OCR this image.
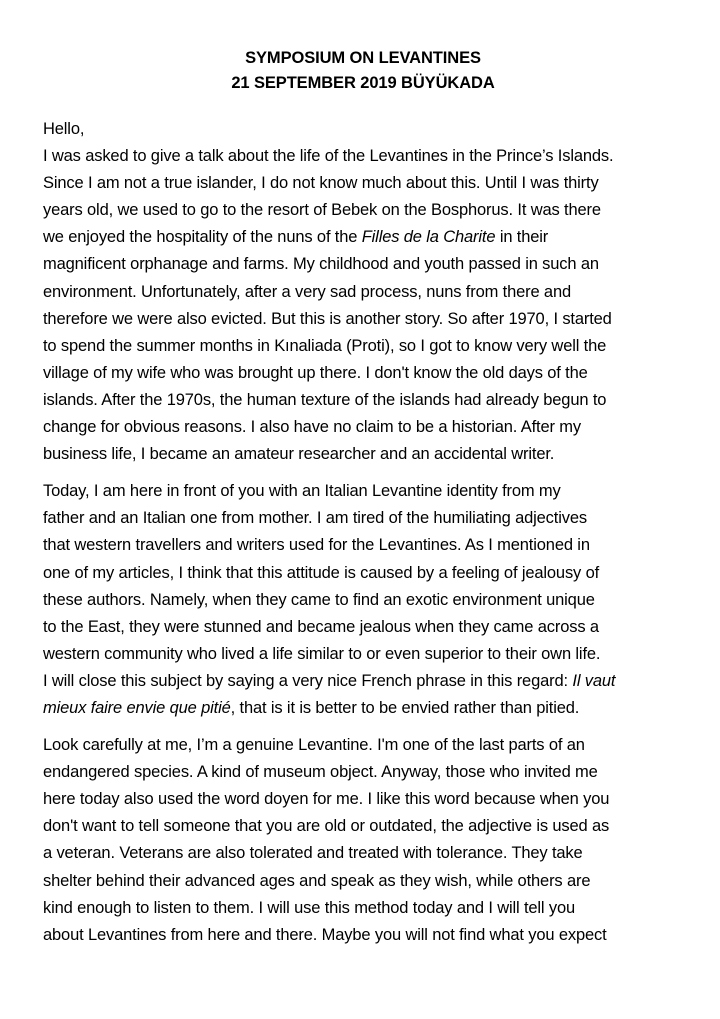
SYMPOSIUM ON LEVANTINES

21 SEPTEMBER 2019 BÜYÜKADA

Hello,
I was asked to give a talk about the life of the Levantines in the Prince’s Islands.
Since I am not a true islander, I do not know much about this. Until I was thirty
years old, we used to go to the resort of Bebek on the Bosphorus. It was there
we enjoyed the hospitality of the nuns of the Filles de la Charite in their
magnificent orphanage and farms. My childhood and youth passed in such an
environment. Unfortunately, after a very sad process, nuns from there and
therefore we were also evicted. But this is another story. So after 1970, I started
to spend the summer months in Kınaliada (Proti), so I got to know very well the
village of my wife who was brought up there. I don't know the old days of the
islands. After the 1970s, the human texture of the islands had already begun to
change for obvious reasons. I also have no claim to be a historian. After my
business life, I became an amateur researcher and an accidental writer.
Today, I am here in front of you with an Italian Levantine identity from my
father and an Italian one from mother. I am tired of the humiliating adjectives
that western travellers and writers used for the Levantines. As I mentioned in
one of my articles, I think that this attitude is caused by a feeling of jealousy of
these authors. Namely, when they came to find an exotic environment unique
to the East, they were stunned and became jealous when they came across a
western community who lived a life similar to or even superior to their own life.
I will close this subject by saying a very nice French phrase in this regard: Il vaut
mieux faire envie que pitié, that is it is better to be envied rather than pitied.
Look carefully at me, I’m a genuine Levantine. I'm one of the last parts of an
endangered species. A kind of museum object. Anyway, those who invited me
here today also used the word doyen for me. I like this word because when you
don't want to tell someone that you are old or outdated, the adjective is used as
a veteran. Veterans are also tolerated and treated with tolerance. They take
shelter behind their advanced ages and speak as they wish, while others are
kind enough to listen to them. I will use this method today and I will tell you
about Levantines from here and there. Maybe you will not find what you expect
